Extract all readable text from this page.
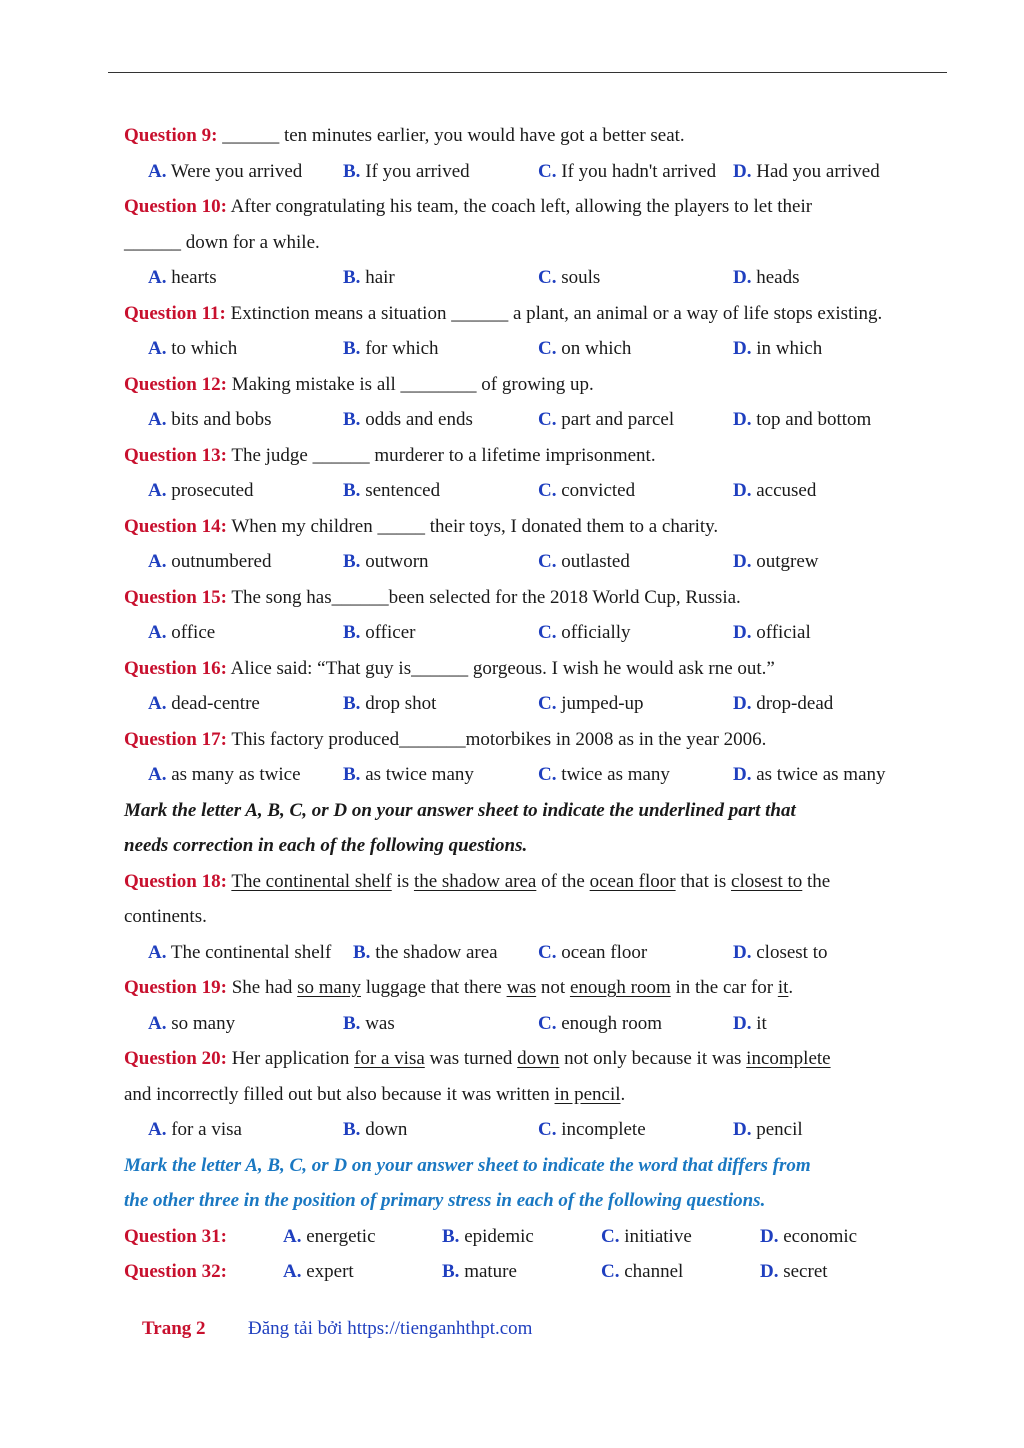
Question 9: ______ ten minutes earlier, you would have got a better seat.
A. Were you arrived B. If you arrived	C. If you hadn't arrived D. Had you arrived
Question 10: After congratulating his team, the coach left, allowing the players to let their
______ down for a while.
A. hearts	B. hair	C. souls	D. heads
Question 11: Extinction means a situation ______ a plant, an animal or a way of life stops existing.
A. to which	B. for which	C. on which	D. in which
Question 12: Making mistake is all ________ of growing up.
A. bits and bobs	B. odds and ends	C. part and parcel	D. top and bottom
Question 13: The judge ______ murderer to a lifetime imprisonment.
A. prosecuted	B. sentenced	C. convicted	D. accused
Question 14: When my children _____ their toys, I donated them to a charity.
A. outnumbered	B. outworn	C. outlasted	D. outgrew
Question 15: The song has______been selected for the 2018 World Cup, Russia.
A. office	B. officer	C. officially	D. official
Question 16: Alice said: “That guy is______ gorgeous. I wish he would ask rne out.”
A. dead-centre	B. drop shot	C. jumped-up	D. drop-dead
Question 17: This factory produced_______motorbikes in 2008 as in the year 2006.
A. as many as twice B. as twice many	C. twice as many	D. as twice as many
Mark the letter A, B, C, or D on your answer sheet to indicate the underlined part that
needs correction in each of the following questions.
Question 18: The continental shelf is the shadow area of the ocean floor that is closest to the
continents.
A. The continental shelf B. the shadow area C. ocean floor	D. closest to
Question 19: She had so many luggage that there was not enough room in the car for it.
A. so many	B. was	C. enough room	D. it
Question 20: Her application for a visa was turned down not only because it was incomplete
and incorrectly filled out but also because it was written in pencil.
A. for a visa	B. down	C. incomplete	D. pencil
Mark the letter A, B, C, or D on your answer sheet to indicate the word that differs from
the other three in the position of primary stress in each of the following questions.
Question 31:	A. energetic	B. epidemic	C. initiative	D. economic
Question 32:	A. expert	B. mature	C. channel	D. secret
Trang 2 Đăng tải bởi https://tienganhthpt.com
